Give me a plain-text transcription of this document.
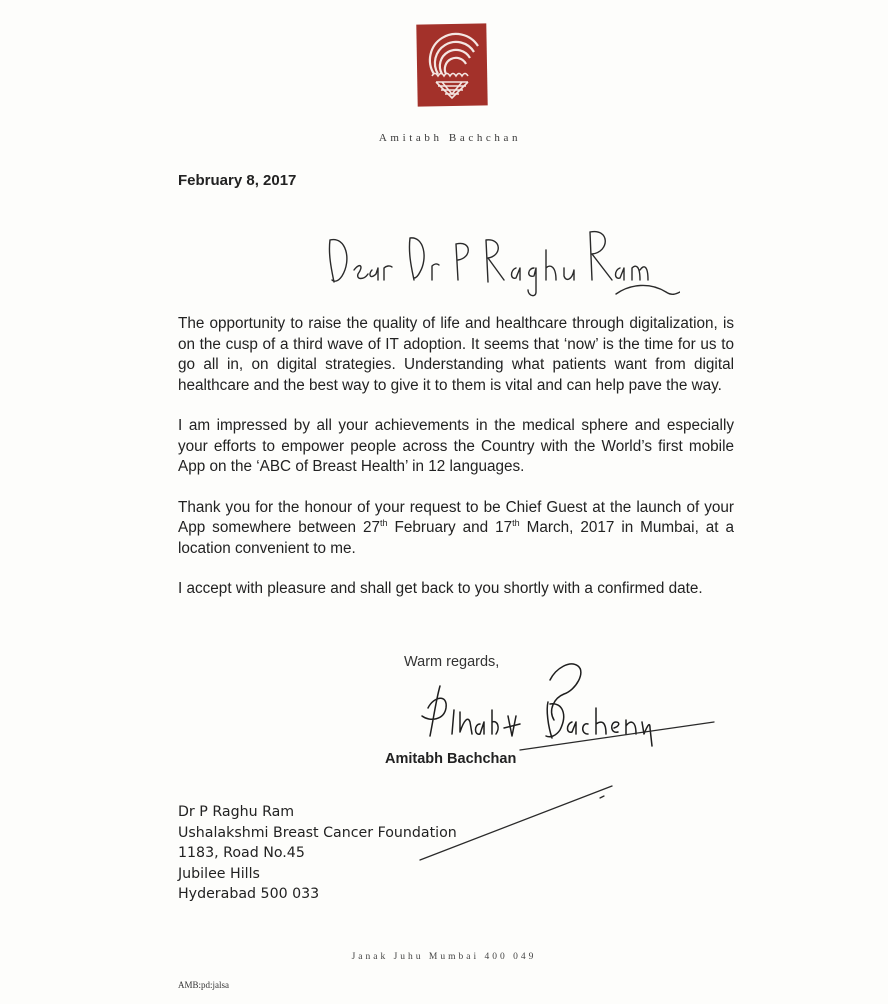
Amitabh Bachchan
February 8, 2017

The opportunity to raise the quality of life and healthcare through digitalization, is on the cusp of a third wave of IT adoption. It seems that ‘now’ is the time for us to go all in, on digital strategies. Understanding what patients want from digital healthcare and the best way to give it to them is vital and can help pave the way.

I am impressed by all your achievements in the medical sphere and especially your efforts to empower people across the Country with the World’s first mobile App on the ‘ABC of Breast Health’ in 12 languages.

Thank you for the honour of your request to be Chief Guest at the launch of your App somewhere between 27th February and 17th March, 2017 in Mumbai, at a location convenient to me.

I accept with pleasure and shall get back to you shortly with a confirmed date.

Warm regards,
Amitabh Bachchan
Dr P Raghu Ram
Ushalakshmi Breast Cancer Foundation
1183, Road No.45
Jubilee Hills
Hyderabad 500 033
Janak Juhu Mumbai 400 049
AMB:pd:jalsa
